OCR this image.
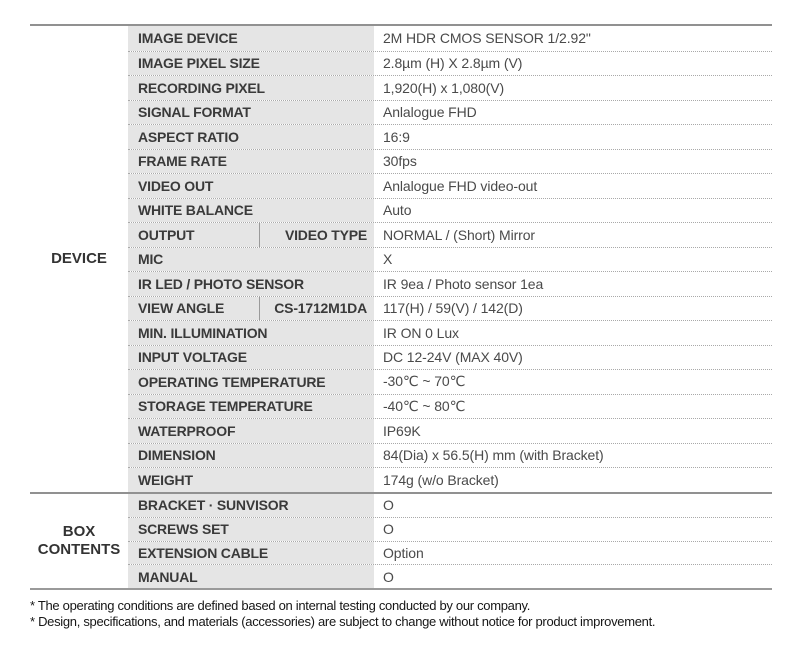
DEVICE
IMAGE DEVICE	2M HDR CMOS SENSOR 1/2.92"
IMAGE PIXEL SIZE	2.8µm (H) X 2.8µm (V)
RECORDING PIXEL	1,920(H) x 1,080(V)
SIGNAL FORMAT	Anlalogue FHD
ASPECT RATIO	16:9
FRAME RATE	30fps
VIDEO OUT	Anlalogue FHD video-out
WHITE BALANCE	Auto
OUTPUT	VIDEO TYPE	NORMAL / (Short) Mirror
MIC	X
IR LED / PHOTO SENSOR	IR 9ea / Photo sensor 1ea
VIEW ANGLE	CS-1712M1DA	117(H) / 59(V) / 142(D)
MIN. ILLUMINATION	IR ON 0 Lux
INPUT VOLTAGE	DC 12-24V (MAX 40V)
OPERATING TEMPERATURE	-30℃ ~ 70℃
STORAGE TEMPERATURE	-40℃ ~ 80℃
WATERPROOF	IP69K
DIMENSION	84(Dia) x 56.5(H) mm (with Bracket)
WEIGHT	174g (w/o Bracket)
BOX CONTENTS
BRACKET · SUNVISOR	O
SCREWS SET	O
EXTENSION CABLE	Option
MANUAL	O

* The operating conditions are defined based on internal testing conducted by our company.

* Design, specifications, and materials (accessories) are subject to change without notice for product improvement.
